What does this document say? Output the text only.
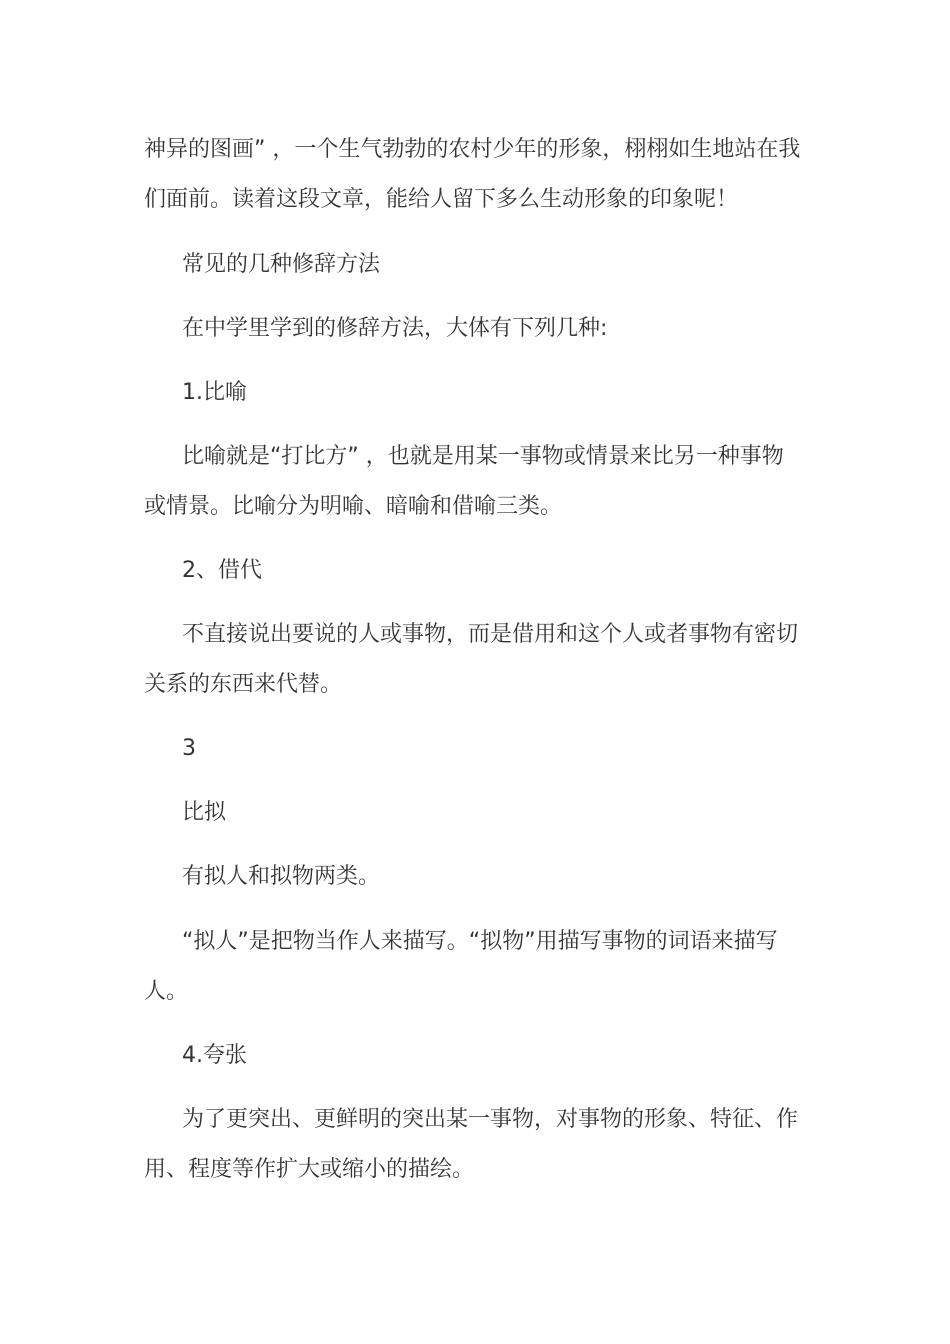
神异的图画” ，一个生气勃勃的农村少年的形象，栩栩如生地站在我们面前。读着这段文章，能给人留下多么生动形象的印象呢！

常见的几种修辞方法

在中学里学到的修辞方法，大体有下列几种:

1.比喻

比喻就是“打比方” ，也就是用某一事物或情景来比另一种事物或情景。比喻分为明喻、暗喻和借喻三类。

2、借代

不直接说出要说的人或事物，而是借用和这个人或者事物有密切关系的东西来代替。

3

比拟

有拟人和拟物两类。

“拟人”是把物当作人来描写。“拟物”用描写事物的词语来描写人。

4.夸张

为了更突出、更鲜明的突出某一事物，对事物的形象、特征、作用、程度等作扩大或缩小的描绘。
